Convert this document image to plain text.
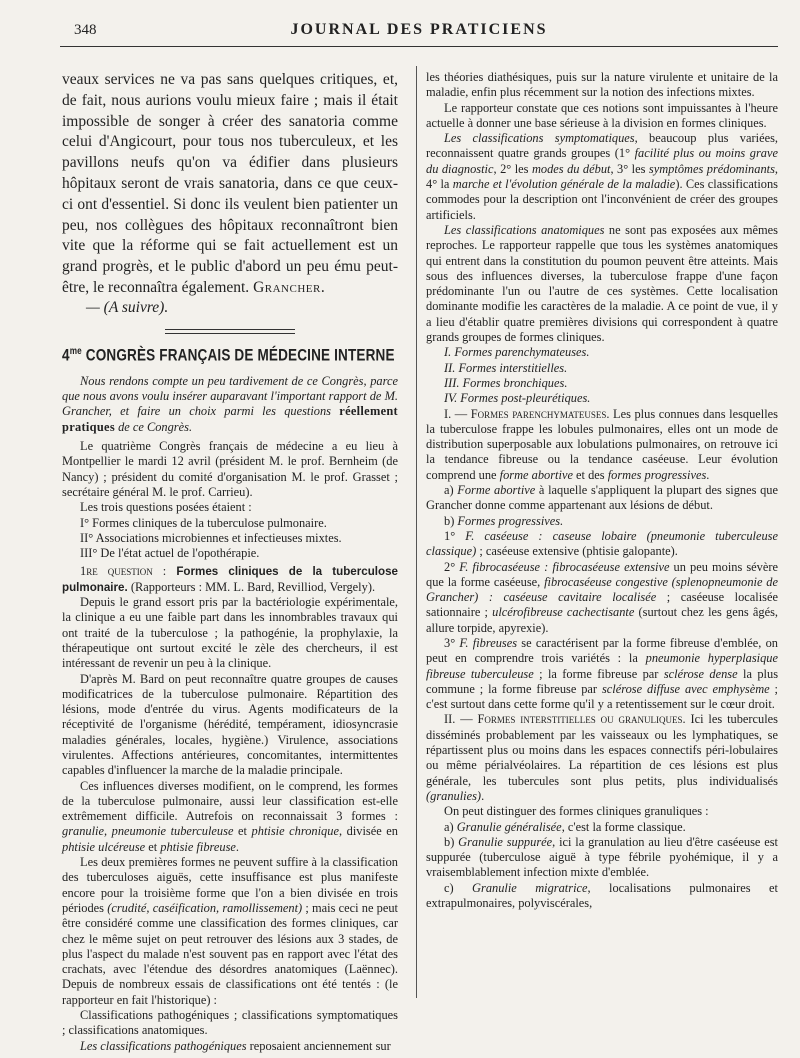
348	JOURNAL DES PRATICIENS

veaux services ne va pas sans quelques critiques, et, de fait, nous aurions voulu mieux faire ; mais il était impossible de songer à créer des sanatoria comme celui d'Angicourt, pour tous nos tuberculeux, et les pavillons neufs qu'on va édifier dans plusieurs hôpitaux seront de vrais sanatoria, dans ce que ceux-ci ont d'essentiel. Si donc ils veulent bien patienter un peu, nos collègues des hôpitaux reconnaîtront bien vite que la réforme qui se fait actuellement est un grand progrès, et le public d'abord un peu ému peut-être, le reconnaîtra également. Grancher.

— (A suivre).

$4^{me}$ CONGRÈS FRANÇAIS DE MÉDECINE INTERNE

Nous rendons compte un peu tardivement de ce Congrès, parce que nous avons voulu insérer auparavant l'important rapport de M. Grancher, et faire un choix parmi les questions réellement pratiques de ce Congrès.

Le quatrième Congrès français de médecine a eu lieu à Montpellier le mardi 12 avril (président M. le prof. Bernheim (de Nancy) ; président du comité d'organisation M. le prof. Grasset ; secrétaire général M. le prof. Carrieu).

Les trois questions posées étaient :

I° Formes cliniques de la tuberculose pulmonaire.

II° Associations microbiennes et infectieuses mixtes.

III° De l'état actuel de l'opothérapie.

1re question : Formes cliniques de la tuberculose pulmonaire. (Rapporteurs : MM. L. Bard, Revilliod, Vergely).

Depuis le grand essort pris par la bactériologie expérimentale, la clinique a eu une faible part dans les innombrables travaux qui ont traité de la tuberculose ; la pathogénie, la prophylaxie, la thérapeutique ont surtout excité le zèle des chercheurs, il est intéressant de revenir un peu à la clinique.

D'après M. Bard on peut reconnaître quatre groupes de causes modificatrices de la tuberculose pulmonaire. Répartition des lésions, mode d'entrée du virus. Agents modificateurs de la réceptivité de l'organisme (hérédité, tempérament, idiosyncrasie maladies générales, locales, hygiène.) Virulence, associations virulentes. Affections antérieures, concomitantes, intermittentes capables d'influencer la marche de la maladie principale.

Ces influences diverses modifient, on le comprend, les formes de la tuberculose pulmonaire, aussi leur classification est-elle extrêmement difficile. Autrefois on reconnaissait 3 formes : granulie, pneumonie tuberculeuse et phtisie chronique, divisée en phtisie ulcéreuse et phtisie fibreuse.

Les deux premières formes ne peuvent suffire à la classification des tuberculoses aiguës, cette insuffisance est plus manifeste encore pour la troisième forme que l'on a bien divisée en trois périodes (crudité, caséification, ramollissement) ; mais ceci ne peut être considéré comme une classification des formes cliniques, car chez le même sujet on peut retrouver des lésions aux 3 stades, de plus l'aspect du malade n'est souvent pas en rapport avec l'état des crachats, avec l'étendue des désordres anatomiques (Laënnec). Depuis de nombreux essais de classifications ont été tentés : (le rapporteur en fait l'historique) :

Classifications pathogéniques ; classifications symptomatiques ; classifications anatomiques.

Les classifications pathogéniques reposaient anciennement sur

les théories diathésiques, puis sur la nature virulente et unitaire de la maladie, enfin plus récemment sur la notion des infections mixtes.

Le rapporteur constate que ces notions sont impuissantes à l'heure actuelle à donner une base sérieuse à la division en formes cliniques.

Les classifications symptomatiques, beaucoup plus variées, reconnaissent quatre grands groupes (1° facilité plus ou moins grave du diagnostic, 2° les modes du début, 3° les symptômes prédominants, 4° la marche et l'évolution générale de la maladie). Ces classifications commodes pour la description ont l'inconvénient de créer des groupes artificiels.

Les classifications anatomiques ne sont pas exposées aux mêmes reproches. Le rapporteur rappelle que tous les systèmes anatomiques qui entrent dans la constitution du poumon peuvent être atteints. Mais sous des influences diverses, la tuberculose frappe d'une façon prédominante l'un ou l'autre de ces systèmes. Cette localisation dominante modifie les caractères de la maladie. A ce point de vue, il y a lieu d'établir quatre premières divisions qui correspondent à quatre grands groupes de formes cliniques.

I. Formes parenchymateuses.

II. Formes interstitielles.

III. Formes bronchiques.

IV. Formes post-pleurétiques.

I. — Formes parenchymateuses. Les plus connues dans lesquelles la tuberculose frappe les lobules pulmonaires, elles ont un mode de distribution superposable aux lobulations pulmonaires, on retrouve ici la tendance fibreuse ou la tendance caséeuse. Leur évolution comprend une forme abortive et des formes progressives.

a) Forme abortive à laquelle s'appliquent la plupart des signes que Grancher donne comme appartenant aux lésions de début.

b) Formes progressives.

1° F. caséeuse : caseuse lobaire (pneumonie tuberculeuse classique) ; caséeuse extensive (phtisie galopante).

2° F. fibrocaséeuse : fibrocaséeuse extensive un peu moins sévère que la forme caséeuse, fibrocaséeuse congestive (splenopneumonie de Grancher) : caséeuse cavitaire localisée ; caséeuse localisée sationnaire ; ulcérofibreuse cachectisante (surtout chez les gens âgés, allure torpide, apyrexie).

3° F. fibreuses se caractérisent par la forme fibreuse d'emblée, on peut en comprendre trois variétés : la pneumonie hyperplasique fibreuse tuberculeuse ; la forme fibreuse par sclérose dense la plus commune ; la forme fibreuse par sclérose diffuse avec emphysème ; c'est surtout dans cette forme qu'il y a retentissement sur le cœur droit.

II. — Formes interstitielles ou granuliques. Ici les tubercules disséminés probablement par les vaisseaux ou les lymphatiques, se répartissent plus ou moins dans les espaces connectifs péri-lobulaires ou même périalvéolaires. La répartition de ces lésions est plus générale, les tubercules sont plus petits, plus individualisés (granulies).

On peut distinguer des formes cliniques granuliques :

a) Granulie généralisée, c'est la forme classique.

b) Granulie suppurée, ici la granulation au lieu d'être caséeuse est suppurée (tuberculose aiguë à type fébrile pyohémique, il y a vraisemblablement infection mixte d'emblée.

c) Granulie migratrice, localisations pulmonaires et extrapulmonaires, polyviscérales,
